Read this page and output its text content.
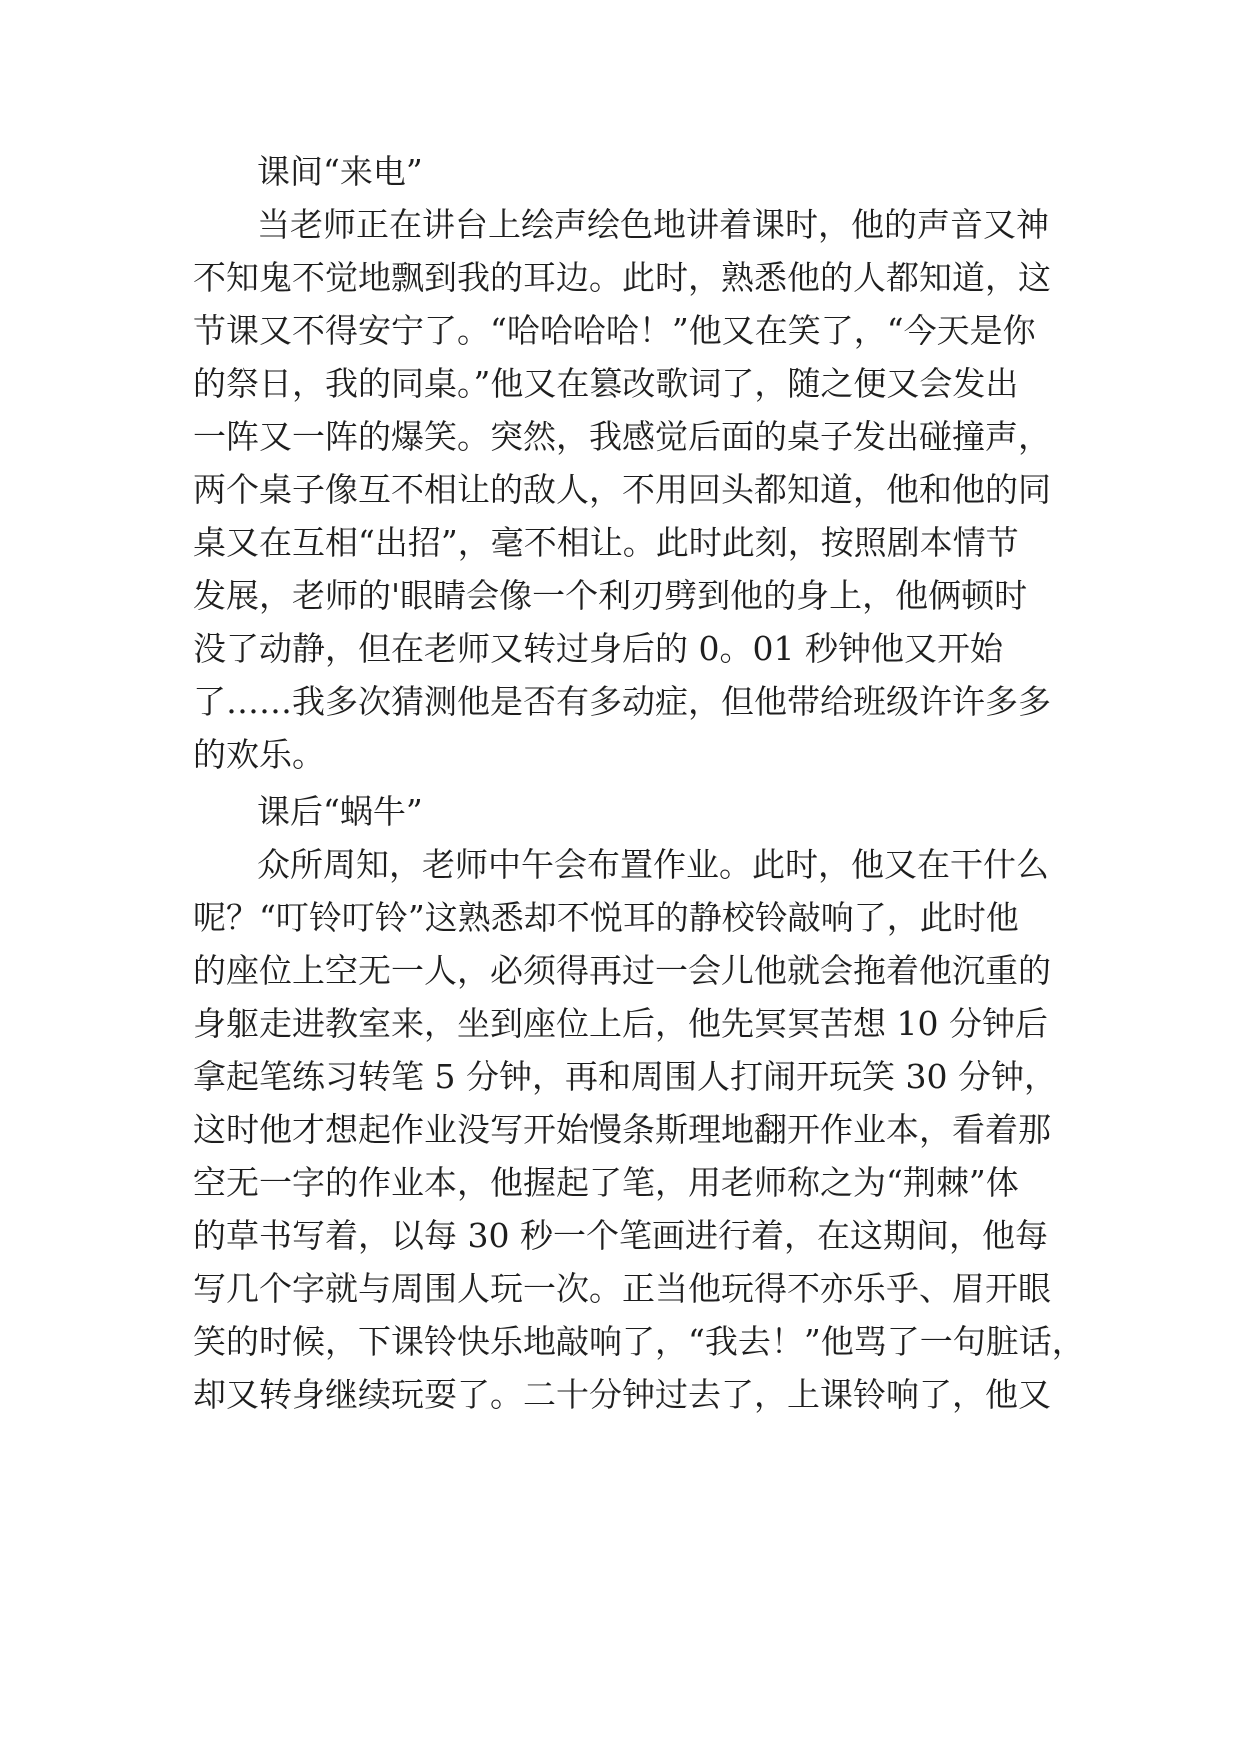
课间“来电”
当老师正在讲台上绘声绘色地讲着课时，他的声音又神
不知鬼不觉地飘到我的耳边。此时，熟悉他的人都知道，这
节课又不得安宁了。“哈哈哈哈！”他又在笑了，“今天是你
的祭日，我的同桌。”他又在篡改歌词了，随之便又会发出
一阵又一阵的爆笑。突然，我感觉后面的桌子发出碰撞声，
两个桌子像互不相让的敌人，不用回头都知道，他和他的同
桌又在互相“出招”，毫不相让。此时此刻，按照剧本情节
发展，老师的'眼睛会像一个利刃劈到他的身上，他俩顿时
没了动静，但在老师又转过身后的 0。01 秒钟他又开始
了……我多次猜测他是否有多动症，但他带给班级许许多多
的欢乐。
课后“蜗牛”
众所周知，老师中午会布置作业。此时，他又在干什么
呢？“叮铃叮铃”这熟悉却不悦耳的静校铃敲响了，此时他
的座位上空无一人，必须得再过一会儿他就会拖着他沉重的
身躯走进教室来，坐到座位上后，他先冥冥苦想 10 分钟后
拿起笔练习转笔 5 分钟，再和周围人打闹开玩笑 30 分钟，
这时他才想起作业没写开始慢条斯理地翻开作业本，看着那
空无一字的作业本，他握起了笔，用老师称之为“荆棘”体
的草书写着，以每 30 秒一个笔画进行着，在这期间，他每
写几个字就与周围人玩一次。正当他玩得不亦乐乎、眉开眼
笑的时候，下课铃快乐地敲响了，“我去！”他骂了一句脏话，
却又转身继续玩耍了。二十分钟过去了，上课铃响了，他又
